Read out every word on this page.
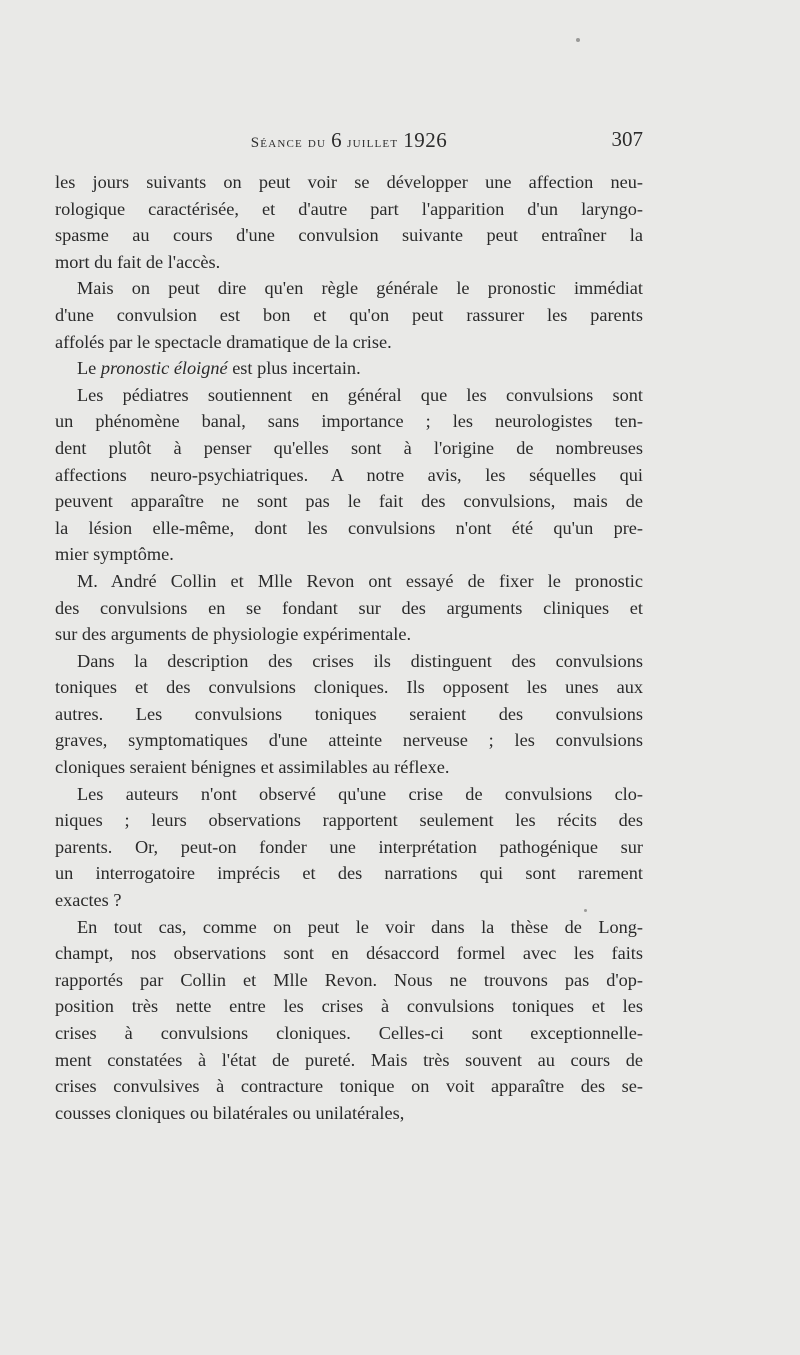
Séance du 6 juillet 1926	307

les jours suivants on peut voir se développer une affection neu-
rologique caractérisée, et d'autre part l'apparition d'un laryngo-
spasme au cours d'une convulsion suivante peut entraîner la
mort du fait de l'accès.

Mais on peut dire qu'en règle générale le pronostic immédiat
d'une convulsion est bon et qu'on peut rassurer les parents
affolés par le spectacle dramatique de la crise.

Le pronostic éloigné est plus incertain.

Les pédiatres soutiennent en général que les convulsions sont
un phénomène banal, sans importance ; les neurologistes ten-
dent plutôt à penser qu'elles sont à l'origine de nombreuses
affections neuro-psychiatriques. A notre avis, les séquelles qui
peuvent apparaître ne sont pas le fait des convulsions, mais de
la lésion elle-même, dont les convulsions n'ont été qu'un pre-
mier symptôme.

M. André Collin et Mlle Revon ont essayé de fixer le pronostic
des convulsions en se fondant sur des arguments cliniques et
sur des arguments de physiologie expérimentale.

Dans la description des crises ils distinguent des convulsions
toniques et des convulsions cloniques. Ils opposent les unes aux
autres. Les convulsions toniques seraient des convulsions
graves, symptomatiques d'une atteinte nerveuse ; les convulsions
cloniques seraient bénignes et assimilables au réflexe.

Les auteurs n'ont observé qu'une crise de convulsions clo-
niques ; leurs observations rapportent seulement les récits des
parents. Or, peut-on fonder une interprétation pathogénique sur
un interrogatoire imprécis et des narrations qui sont rarement
exactes ?

En tout cas, comme on peut le voir dans la thèse de Long-
champt, nos observations sont en désaccord formel avec les faits
rapportés par Collin et Mlle Revon. Nous ne trouvons pas d'op-
position très nette entre les crises à convulsions toniques et les
crises à convulsions cloniques. Celles-ci sont exceptionnelle-
ment constatées à l'état de pureté. Mais très souvent au cours de
crises convulsives à contracture tonique on voit apparaître des se-
cousses cloniques ou bilatérales ou unilatérales,
